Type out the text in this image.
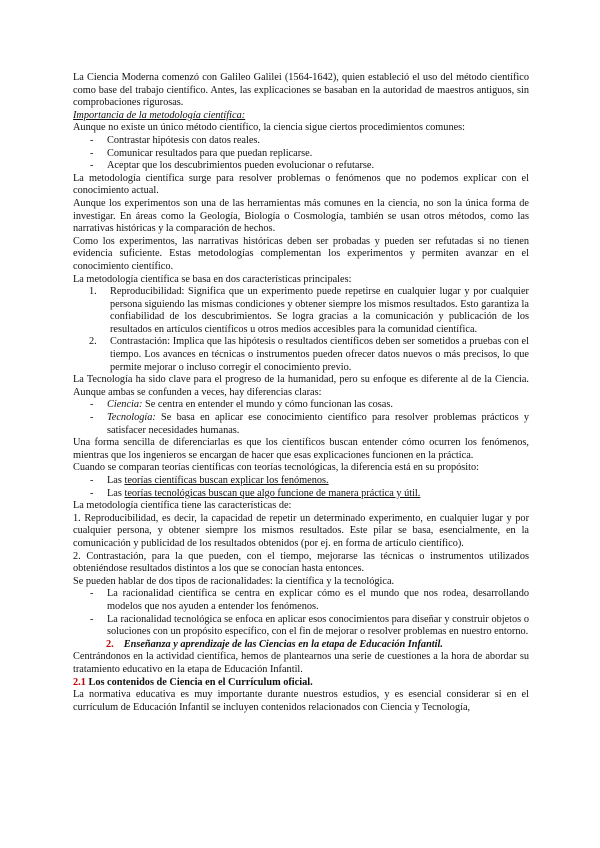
La Ciencia Moderna comenzó con Galileo Galilei (1564-1642), quien estableció el uso del método científico como base del trabajo científico. Antes, las explicaciones se basaban en la autoridad de maestros antiguos, sin comprobaciones rigurosas.

Importancia de la metodología científica:

Aunque no existe un único método científico, la ciencia sigue ciertos procedimientos comunes:

- Contrastar hipótesis con datos reales.
- Comunicar resultados para que puedan replicarse.
- Aceptar que los descubrimientos pueden evolucionar o refutarse.

La metodología científica surge para resolver problemas o fenómenos que no podemos explicar con el conocimiento actual.

Aunque los experimentos son una de las herramientas más comunes en la ciencia, no son la única forma de investigar. En áreas como la Geología, Biología o Cosmología, también se usan otros métodos, como las narrativas históricas y la comparación de hechos.

Como los experimentos, las narrativas históricas deben ser probadas y pueden ser refutadas si no tienen evidencia suficiente. Estas metodologías complementan los experimentos y permiten avanzar en el conocimiento científico.

La metodología científica se basa en dos características principales:

1. Reproducibilidad: Significa que un experimento puede repetirse en cualquier lugar y por cualquier persona siguiendo las mismas condiciones y obtener siempre los mismos resultados. Esto garantiza la confiabilidad de los descubrimientos. Se logra gracias a la comunicación y publicación de los resultados en artículos científicos u otros medios accesibles para la comunidad científica.
2. Contrastación: Implica que las hipótesis o resultados científicos deben ser sometidos a pruebas con el tiempo. Los avances en técnicas o instrumentos pueden ofrecer datos nuevos o más precisos, lo que permite mejorar o incluso corregir el conocimiento previo.

La Tecnología ha sido clave para el progreso de la humanidad, pero su enfoque es diferente al de la Ciencia. Aunque ambas se confunden a veces, hay diferencias claras:

- Ciencia: Se centra en entender el mundo y cómo funcionan las cosas.
- Tecnología: Se basa en aplicar ese conocimiento científico para resolver problemas prácticos y satisfacer necesidades humanas.

Una forma sencilla de diferenciarlas es que los científicos buscan entender cómo ocurren los fenómenos, mientras que los ingenieros se encargan de hacer que esas explicaciones funcionen en la práctica.

Cuando se comparan teorías científicas con teorías tecnológicas, la diferencia está en su propósito:

- Las teorías científicas buscan explicar los fenómenos.
- Las teorías tecnológicas buscan que algo funcione de manera práctica y útil.

La metodología científica tiene las características de:

1. Reproducibilidad, es decir, la capacidad de repetir un determinado experimento, en cualquier lugar y por cualquier persona, y obtener siempre los mismos resultados. Este pilar se basa, esencialmente, en la comunicación y publicidad de los resultados obtenidos (por ej. en forma de artículo científico).

2. Contrastación, para la que pueden, con el tiempo, mejorarse las técnicas o instrumentos utilizados obteniéndose resultados distintos a los que se conocían hasta entonces.

Se pueden hablar de dos tipos de racionalidades: la científica y la tecnológica.

- La racionalidad científica se centra en explicar cómo es el mundo que nos rodea, desarrollando modelos que nos ayuden a entender los fenómenos.
- La racionalidad tecnológica se enfoca en aplicar esos conocimientos para diseñar y construir objetos o soluciones con un propósito específico, con el fin de mejorar o resolver problemas en nuestro entorno.

2. Enseñanza y aprendizaje de las Ciencias en la etapa de Educación Infantil.

Centrándonos en la actividad científica, hemos de plantearnos una serie de cuestiones a la hora de abordar su tratamiento educativo en la etapa de Educación Infantil.

2.1 Los contenidos de Ciencia en el Currículum oficial.

La normativa educativa es muy importante durante nuestros estudios, y es esencial considerar si en el currículum de Educación Infantil se incluyen contenidos relacionados con Ciencia y Tecnología,
